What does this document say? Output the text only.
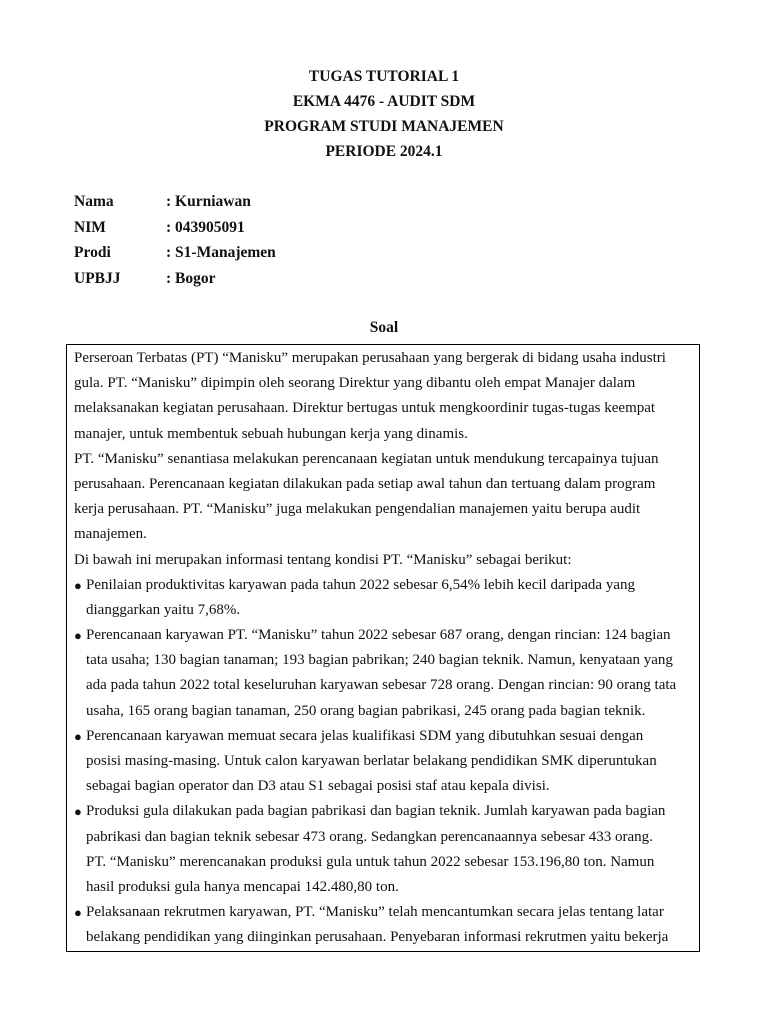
TUGAS TUTORIAL 1
EKMA 4476 - AUDIT SDM
PROGRAM STUDI MANAJEMEN
PERIODE 2024.1
Nama	: Kurniawan
NIM	: 043905091
Prodi	: S1-Manajemen
UPBJJ	: Bogor
Soal
Perseroan Terbatas (PT) “Manisku” merupakan perusahaan yang bergerak di bidang usaha industri
gula. PT. “Manisku” dipimpin oleh seorang Direktur yang dibantu oleh empat Manajer dalam
melaksanakan kegiatan perusahaan. Direktur bertugas untuk mengkoordinir tugas-tugas keempat
manajer, untuk membentuk sebuah hubungan kerja yang dinamis.
PT. “Manisku” senantiasa melakukan perencanaan kegiatan untuk mendukung tercapainya tujuan
perusahaan. Perencanaan kegiatan dilakukan pada setiap awal tahun dan tertuang dalam program
kerja perusahaan. PT. “Manisku” juga melakukan pengendalian manajemen yaitu berupa audit
manajemen.
Di bawah ini merupakan informasi tentang kondisi PT. “Manisku” sebagai berikut:
● Penilaian produktivitas karyawan pada tahun 2022 sebesar 6,54% lebih kecil daripada yang
dianggarkan yaitu 7,68%.
● Perencanaan karyawan PT. “Manisku” tahun 2022 sebesar 687 orang, dengan rincian: 124 bagian
tata usaha; 130 bagian tanaman; 193 bagian pabrikan; 240 bagian teknik. Namun, kenyataan yang
ada pada tahun 2022 total keseluruhan karyawan sebesar 728 orang. Dengan rincian: 90 orang tata
usaha, 165 orang bagian tanaman, 250 orang bagian pabrikasi, 245 orang pada bagian teknik.
● Perencanaan karyawan memuat secara jelas kualifikasi SDM yang dibutuhkan sesuai dengan
posisi masing-masing. Untuk calon karyawan berlatar belakang pendidikan SMK diperuntukan
sebagai bagian operator dan D3 atau S1 sebagai posisi staf atau kepala divisi.
● Produksi gula dilakukan pada bagian pabrikasi dan bagian teknik. Jumlah karyawan pada bagian
pabrikasi dan bagian teknik sebesar 473 orang. Sedangkan perencanaannya sebesar 433 orang.
PT. “Manisku” merencanakan produksi gula untuk tahun 2022 sebesar 153.196,80 ton. Namun
hasil produksi gula hanya mencapai 142.480,80 ton.
● Pelaksanaan rekrutmen karyawan, PT. “Manisku” telah mencantumkan secara jelas tentang latar
belakang pendidikan yang diinginkan perusahaan. Penyebaran informasi rekrutmen yaitu bekerja
